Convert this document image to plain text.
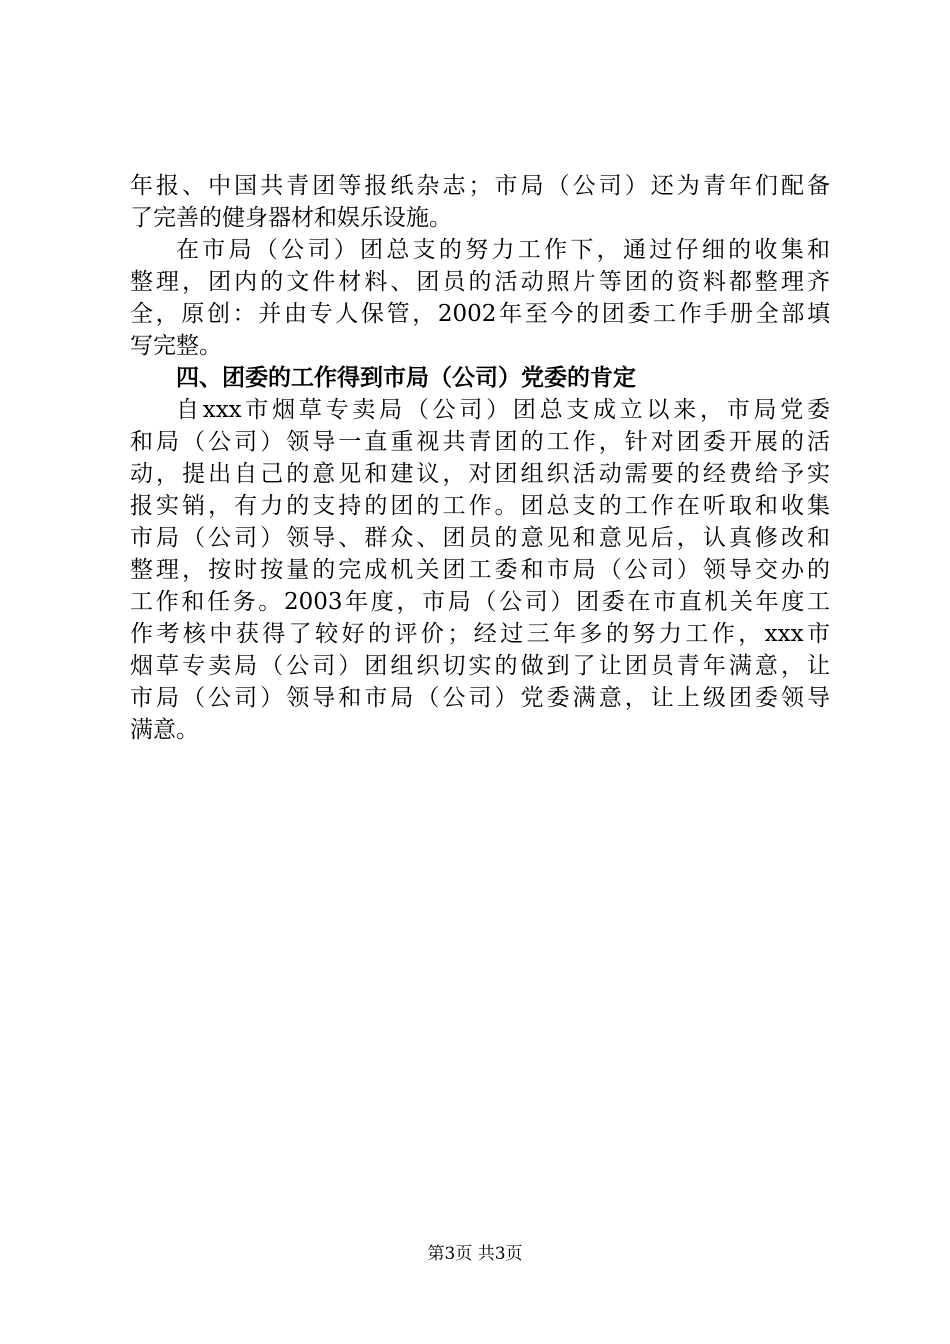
年报、中国共青团等报纸杂志；市局（公司）还为青年们配备
了完善的健身器材和娱乐设施。
在市局（公司）团总支的努力工作下，通过仔细的收集和
整理，团内的文件材料、团员的活动照片等团的资料都整理齐
全，原创：并由专人保管，2002年至今的团委工作手册全部填
写完整。
四、团委的工作得到市局（公司）党委的肯定
自xxx市烟草专卖局（公司）团总支成立以来，市局党委
和局（公司）领导一直重视共青团的工作，针对团委开展的活
动，提出自己的意见和建议，对团组织活动需要的经费给予实
报实销，有力的支持的团的工作。团总支的工作在听取和收集
市局（公司）领导、群众、团员的意见和意见后，认真修改和
整理，按时按量的完成机关团工委和市局（公司）领导交办的
工作和任务。2003年度，市局（公司）团委在市直机关年度工
作考核中获得了较好的评价；经过三年多的努力工作，xxx市
烟草专卖局（公司）团组织切实的做到了让团员青年满意，让
市局（公司）领导和市局（公司）党委满意，让上级团委领导
满意。
第3页 共3页
